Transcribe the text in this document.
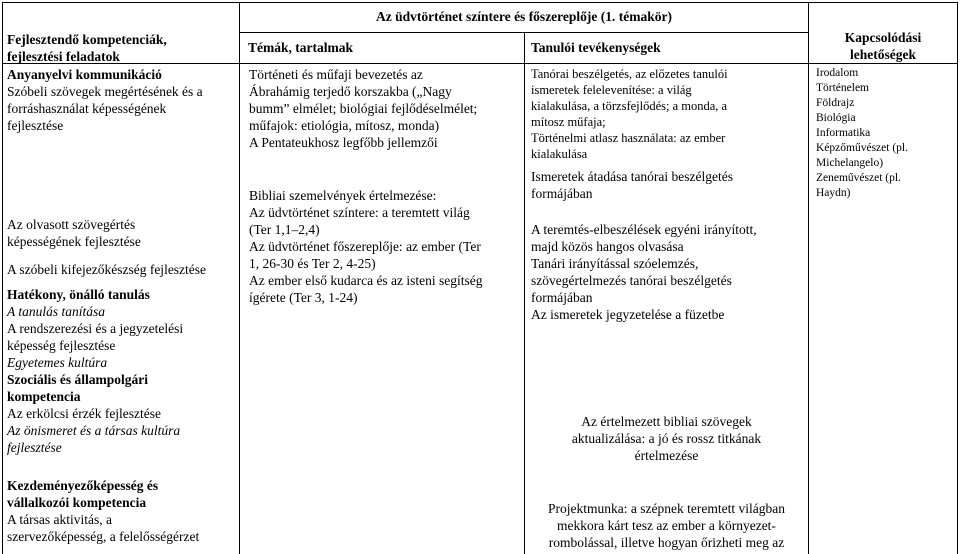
Az üdvtörténet színtere és főszereplője (1. témakör)
Fejlesztendő kompetenciák,
fejlesztési feladatok
Témák, tartalmak	Tanulói tevékenységek
Kapcsolódási
lehetőségek
Anyanyelvi kommunikáció
Szóbeli szövegek megértésének és a
forráshasználat képességének
fejlesztése
Az olvasott szövegértés
képességének fejlesztése
A szóbeli kifejezőkészség fejlesztése
Hatékony, önálló tanulás
A tanulás tanítása
A rendszerezési és a jegyzetelési
képesség fejlesztése
Egyetemes kultúra
Szociális és állampolgári
kompetencia
Az erkölcsi érzék fejlesztése
Az önismeret és a társas kultúra
fejlesztése
Kezdeményezőképesség és
vállalkozói kompetencia
A társas aktivitás, a
szervezőképesség, a felelősségérzet
Történeti és műfaji bevezetés az
Ábrahámig terjedő korszakba („Nagy
bumm” elmélet; biológiai fejlődéselmélet;
műfajok: etiológia, mítosz, monda)
A Pentateukhosz legfőbb jellemzői
Bibliai szemelvények értelmezése:
Az üdvtörténet színtere: a teremtett világ
(Ter 1,1–2,4)
Az üdvtörténet főszereplője: az ember (Ter
1, 26-30 és Ter 2, 4-25)
Az ember első kudarca és az isteni segítség
ígérete (Ter 3, 1-24)
Tanórai beszélgetés, az előzetes tanulói
ismeretek felelevenítése: a világ
kialakulása, a törzsfejlődés; a monda, a
mítosz műfaja;
Történelmi atlasz használata: az ember
kialakulása
Ismeretek átadása tanórai beszélgetés
formájában
A teremtés-elbeszélések egyéni irányított,
majd közös hangos olvasása
Tanári irányítással szóelemzés,
szövegértelmezés tanórai beszélgetés
formájában
Az ismeretek jegyzetelése a füzetbe
Az értelmezett bibliai szövegek
aktualizálása: a jó és rossz titkának
értelmezése
Projektmunka: a szépnek teremtett világban
mekkora kárt tesz az ember a környezet-
rombolással, illetve hogyan őrizheti meg az
Irodalom
Történelem
Földrajz
Biológia
Informatika
Képzőművészet (pl.
Michelangelo)
Zeneművészet (pl.
Haydn)
